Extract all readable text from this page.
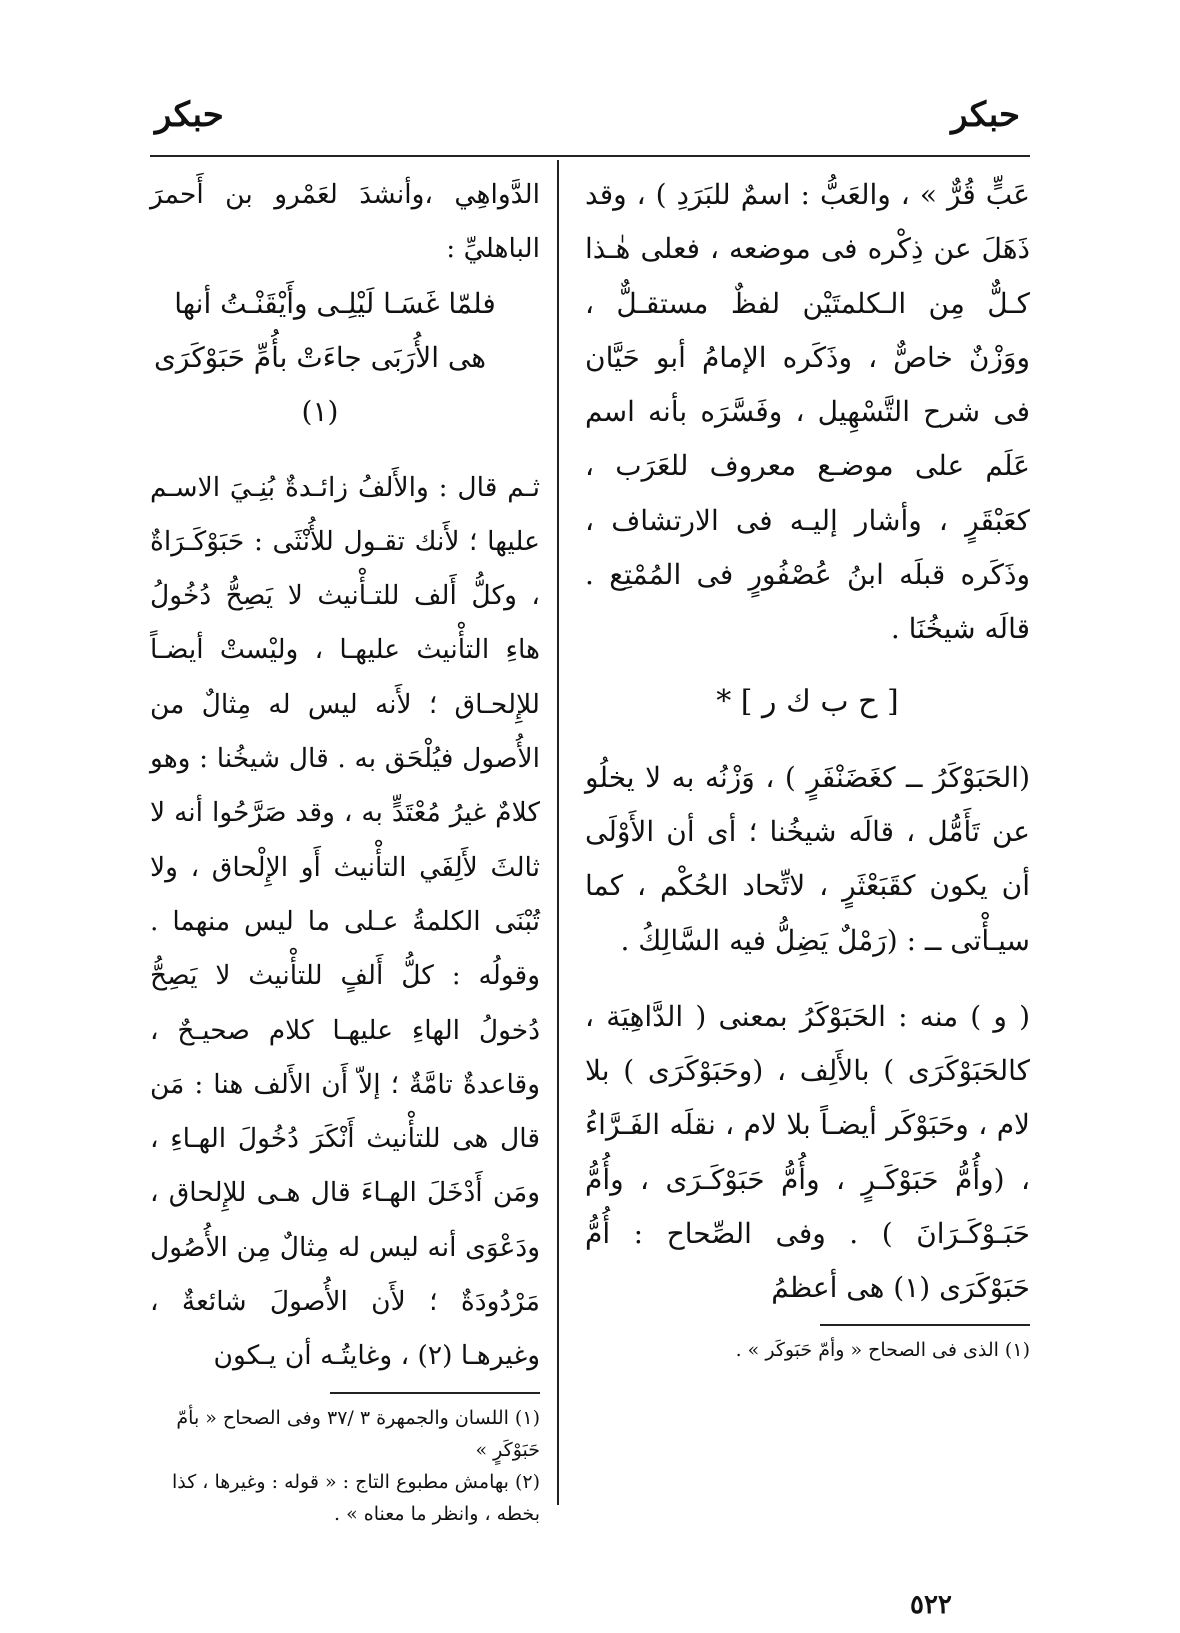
حبكر
حبكر

عَبٍّ قُرٌّ » ، والعَبُّ : اسمٌ للبَرَدِ ) ، وقد ذَهَلَ عن ذِكْره فى موضعه ، فعلى هٰـذا كـلٌّ مِن الـكلمتَيْن لفظٌ مستقـلٌّ ، ووَزْنٌ خاصٌّ ، وذَكَره الإمامُ أبو حَيَّان فى شرح التَّسْهِيل ، وفَسَّرَه بأنه اسم عَلَم على موضـع معروف للعَرَب ، كعَبْقَرٍ ، وأشار إليـه فى الارتشاف ، وذَكَره قبلَه ابنُ عُصْفُورٍ فى المُمْتِع . قالَه شيخُنَا .

[ ح ب ك ر ] *

(الحَبَوْكَرُ ــ كغَضَنْفَرٍ ) ، وَزْنُه به لا يخلُو عن تَأَمُّل ، قالَه شيخُنا ؛ أى أن الأَوْلَى أن يكون كقَبَعْثَرٍ ، لاتِّحاد الحُكْم ، كما سيـأْتى ــ : (رَمْلٌ يَضِلُّ فيه السَّالِكُ .

( و ) منه : الحَبَوْكَرُ بمعنى ( الدَّاهِيَة ، كالحَبَوْكَرَى ) بالأَلِف ، (وحَبَوْكَرَى ) بلا لام ، وحَبَوْكَر أيضـاً بلا لام ، نقلَه الفَـرَّاءُ ، (وأُمُّ حَبَوْكَـرٍ ، وأُمُّ حَبَوْكَـرَى ، وأُمُّ حَبَـوْكَـرَانَ ) . وفى الصِّحاح : أُمُّ حَبَوْكَرَى (١) هى أعظمُ

(١) الذى فى الصحاح « وأمّ حَبَوكَر » .

الدَّواهِي ،وأنشدَ لعَمْرو بن أَحمرَ الباهليِّ :

فلمّا غَسَـا لَيْلِـى وأَيْقَنْـتُ أنها
هى الأُرَبَى جاءَتْ بأُمِّ حَبَوْكَرَى (١)

ثـم قال : والأَلفُ زائـدةٌ بُنِـيَ الاسـم عليها ؛ لأَنك تقـول للأُنْثَى : حَبَوْكَـرَاةٌ ، وكلُّ أَلف للتـأْنيث لا يَصِحُّ دُخُولُ هاءِ التأْنيث عليهـا ، وليْستْ أيضـاً للإِلحـاق ؛ لأَنه ليس له مِثالٌ من الأُصول فيُلْحَق به . قال شيخُنا : وهو كلامٌ غيرُ مُعْتَدٍّ به ، وقد صَرَّحُوا أنه لا ثالثَ لأَلِفَي التأْنيث أَو الإِلْحاق ، ولا تُبْنَى الكلمةُ عـلى ما ليس منهما . وقولُه : كلُّ أَلفٍ للتأْنيث لا يَصِحُّ دُخولُ الهاءِ عليهـا كلام صحيـحٌ ، وقاعدةٌ تامَّةٌ ؛ إلاّ أَن الأَلف هنا : مَن قال هى للتأْنيث أَنْكَرَ دُخُولَ الهـاءِ ، ومَن أَدْخَلَ الهـاءَ قال هـى للإِلحاق ، ودَعْوَى أنه ليس له مِثالٌ مِن الأُصُول مَرْدُودَةٌ ؛ لأَن الأُصولَ شائعةٌ ، وغيرهـا (٢) ، وغايتُـه أن يـكون

(١) اللسان والجمهرة ٣ /٣٧ وفى الصحاح « بأمّ حَبَوْكَرٍ »

(٢) بهامش مطبوع التاج : « قوله : وغيرها ، كذا بخطه ، وانظر ما معناه » .

٥٢٢
